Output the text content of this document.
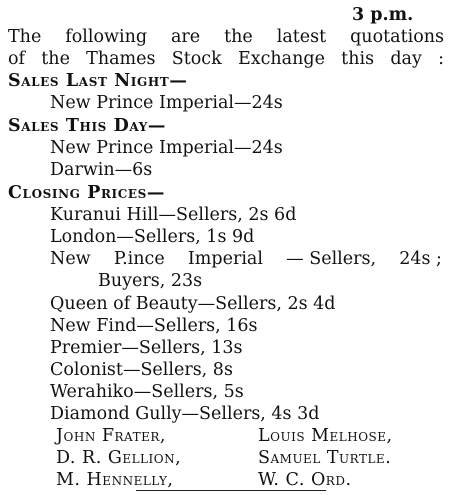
3 p.m.
The following are the latest quotations
of the Thames Stock Exchange this day :
Sales Last Night—
New Prince Imperial—24s
Sales This Day—
New Prince Imperial—24s
Darwin—6s
Closing Prices—
Kuranui Hill—Sellers, 2s 6d
London—Sellers, 1s 9d
New P.ince Imperial — Sellers, 24s ;
Buyers, 23s
Queen of Beauty—Sellers, 2s 4d
New Find—Sellers, 16s
Premier—Sellers, 13s
Colonist—Sellers, 8s
Werahiko—Sellers, 5s
Diamond Gully—Sellers, 4s 3d
John Frater,	Louis Melhose,
D. R. Gellion,	Samuel Turtle.
M. Hennelly,	W. C. Ord.
